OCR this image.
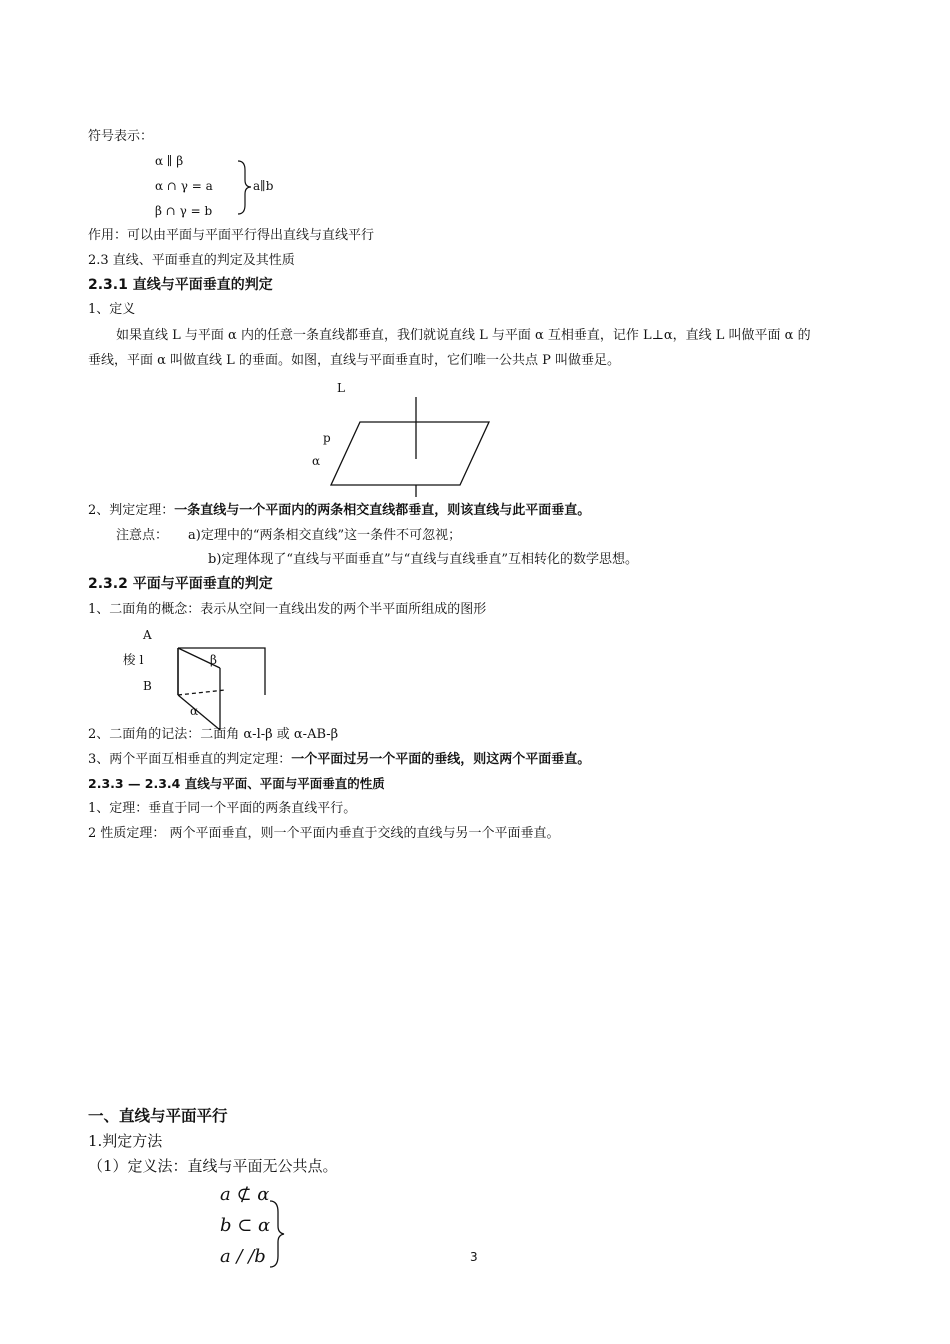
符号表示：
α ∥ β
α ∩ γ = a
β ∩ γ = b
a∥b
作用：可以由平面与平面平行得出直线与直线平行
2.3 直线、平面垂直的判定及其性质
2.3.1 直线与平面垂直的判定
1、定义
如果直线 L 与平面 α 内的任意一条直线都垂直，我们就说直线 L 与平面 α 互相垂直，记作 L⊥α，直线 L 叫做平面 α 的
垂线，平面 α 叫做直线 L 的垂面。如图，直线与平面垂直时，它们唯一公共点 P 叫做垂足。
L
p
α
2、判定定理：一条直线与一个平面内的两条相交直线都垂直，则该直线与此平面垂直。
注意点： a)定理中的“两条相交直线”这一条件不可忽视；
b)定理体现了“直线与平面垂直”与“直线与直线垂直”互相转化的数学思想。
2.3.2 平面与平面垂直的判定
1、二面角的概念：表示从空间一直线出发的两个半平面所组成的图形
A
梭 l
B
β
α
2、二面角的记法：二面角 α-l-β 或 α-AB-β
3、两个平面互相垂直的判定定理：一个平面过另一个平面的垂线，则这两个平面垂直。
2.3.3 — 2.3.4 直线与平面、平面与平面垂直的性质
1、定理：垂直于同一个平面的两条直线平行。
2 性质定理： 两个平面垂直，则一个平面内垂直于交线的直线与另一个平面垂直。
一、直线与平面平行
1.判定方法
（1）定义法：直线与平面无公共点。
a ⊄ α
b ⊂ α
a / /b	3
